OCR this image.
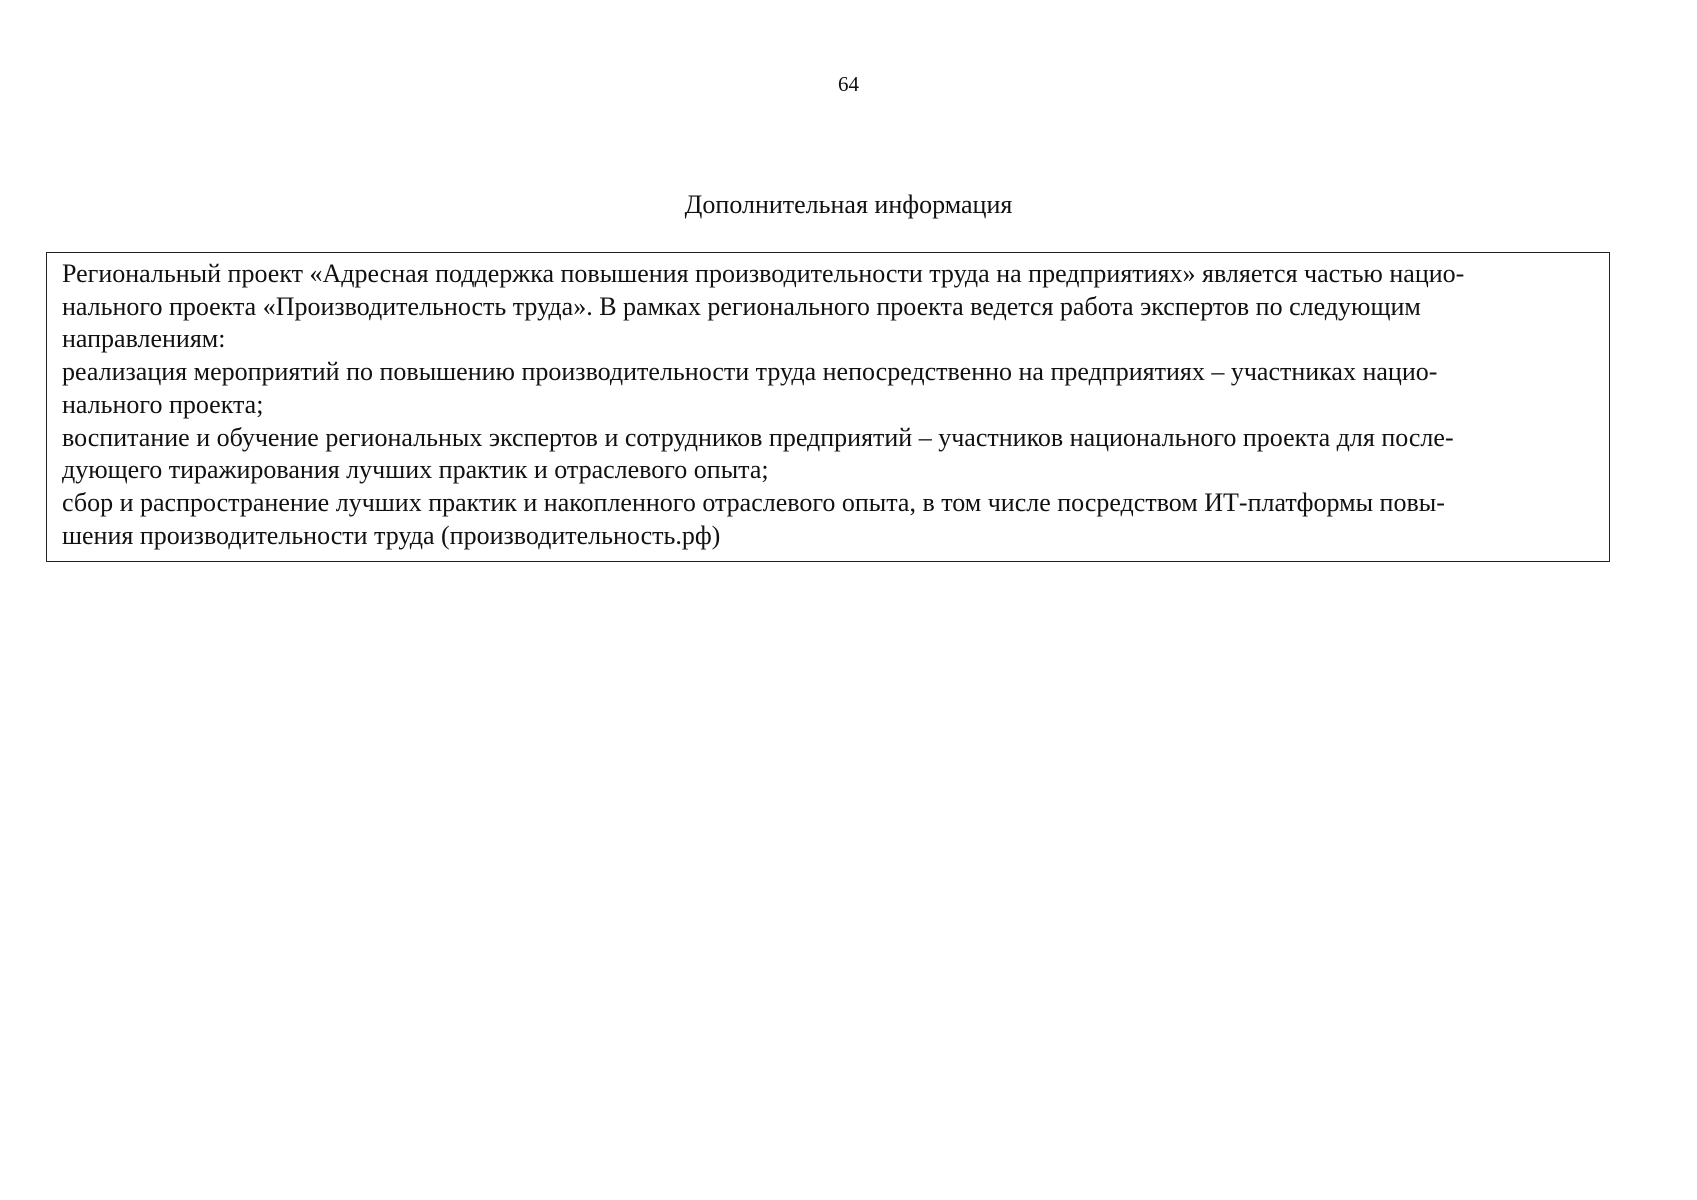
64
Дополнительная информация

Региональный проект «Адресная поддержка повышения производительности труда на предприятиях» является частью нацио-

нального проекта «Производительность труда». В рамках регионального проекта ведется работа экспертов по следующим

направлениям:

реализация мероприятий по повышению производительности труда непосредственно на предприятиях – участниках нацио-

нального проекта;

воспитание и обучение региональных экспертов и сотрудников предприятий – участников национального проекта для после-

дующего тиражирования лучших практик и отраслевого опыта;

сбор и распространение лучших практик и накопленного отраслевого опыта, в том числе посредством ИТ-платформы повы-

шения производительности труда (производительность.рф)
